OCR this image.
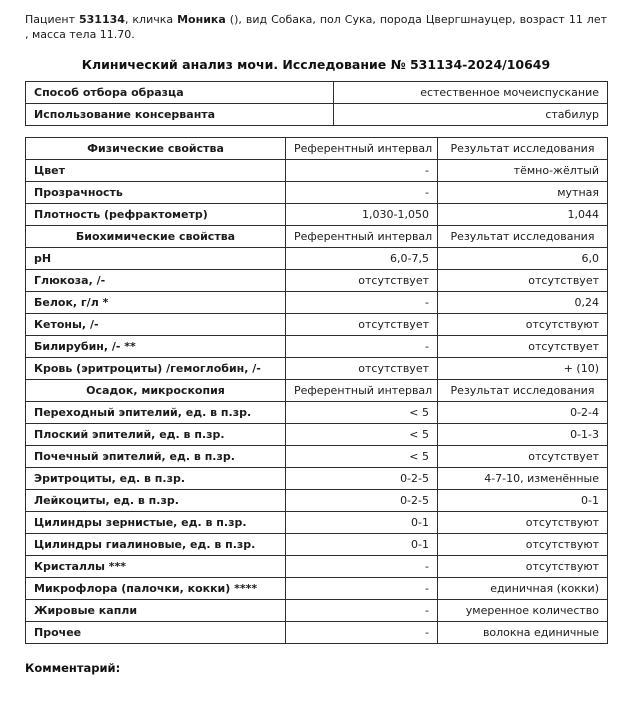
Пациент 531134, кличка Моника (), вид Собака, пол Сука, порода Цвергшнауцер, возраст 11 лет , масса тела 11.70.

Клинический анализ мочи. Исследование № 531134-2024/10649
Способ отбора образца	естественное мочеиспускание
Использование консерванта	стабилур
Физические свойства	Референтный интервал	Результат исследования
Цвет	-	тёмно-жёлтый
Прозрачность	-	мутная
Плотность (рефрактометр)	1,030-1,050	1,044
Биохимические свойства	Референтный интервал	Результат исследования
pH	6,0-7,5	6,0
Глюкоза, /-	отсутствует	отсутствует
Белок, г/л *	-	0,24
Кетоны, /-	отсутствует	отсутствуют
Билирубин, /- **	-	отсутствует
Кровь (эритроциты) /гемоглобин, /-	отсутствует	+ (10)
Осадок, микроскопия	Референтный интервал	Результат исследования
Переходный эпителий, ед. в п.зр.	< 5	0-2-4
Плоский эпителий, ед. в п.зр.	< 5	0-1-3
Почечный эпителий, ед. в п.зр.	< 5	отсутствует
Эритроциты, ед. в п.зр.	0-2-5	4-7-10, изменённые
Лейкоциты, ед. в п.зр.	0-2-5	0-1
Цилиндры зернистые, ед. в п.зр.	0-1	отсутствуют
Цилиндры гиалиновые, ед. в п.зр.	0-1	отсутствуют
Кристаллы ***	-	отсутствуют
Микрофлора (палочки, кокки) ****	-	единичная (кокки)
Жировые капли	-	умеренное количество
Прочее	-	волокна единичные
Комментарий:
